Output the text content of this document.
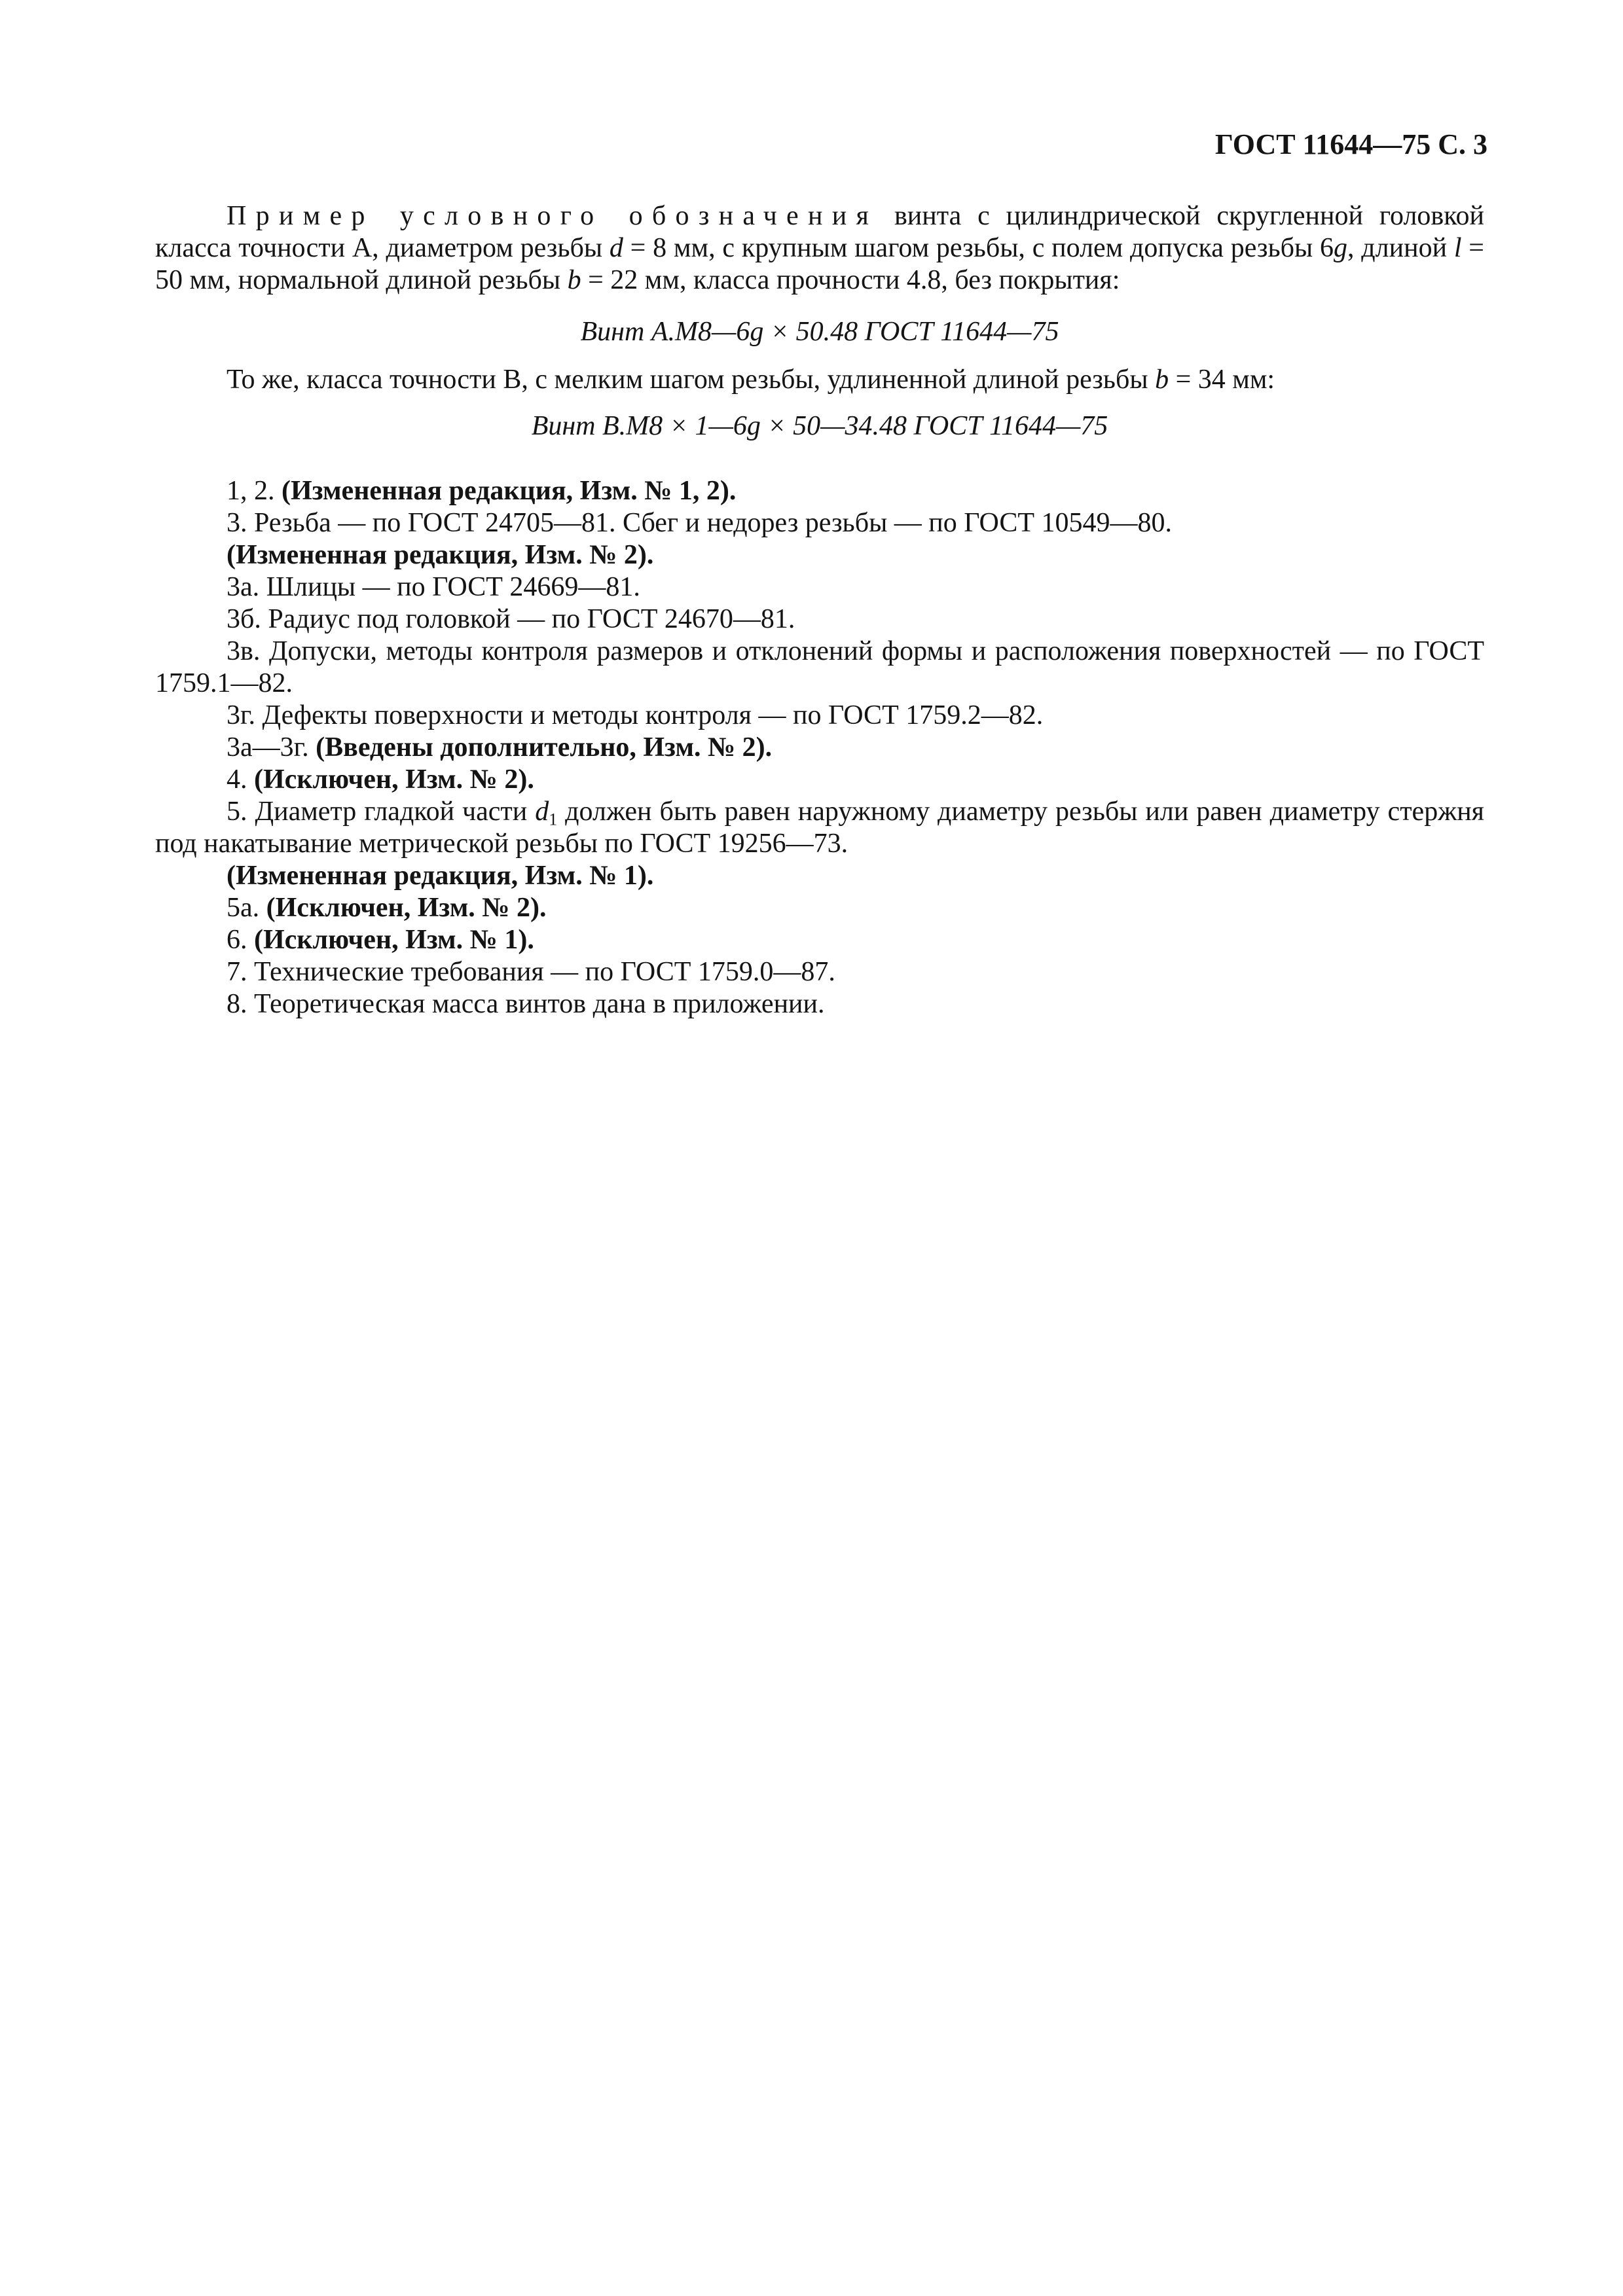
ГОСТ 11644—75 С. 3

Пример условного обозначения винта с цилиндрической скругленной головкой класса точности А, диаметром резьбы d = 8 мм, с крупным шагом резьбы, с полем допуска резьбы 6g, длиной l = 50 мм, нормальной длиной резьбы b = 22 мм, класса прочности 4.8, без покрытия:

Винт А.М8—6g × 50.48 ГОСТ 11644—75

То же, класса точности В, с мелким шагом резьбы, удлиненной длиной резьбы b = 34 мм:

Винт В.М8 × 1—6g × 50—34.48 ГОСТ 11644—75

1, 2. (Измененная редакция, Изм. № 1, 2).

3. Резьба — по ГОСТ 24705—81. Сбег и недорез резьбы — по ГОСТ 10549—80.

(Измененная редакция, Изм. № 2).

3а. Шлицы — по ГОСТ 24669—81.

3б. Радиус под головкой — по ГОСТ 24670—81.

3в. Допуски, методы контроля размеров и отклонений формы и расположения поверхностей — по ГОСТ 1759.1—82.

3г. Дефекты поверхности и методы контроля — по ГОСТ 1759.2—82.

3а—3г. (Введены дополнительно, Изм. № 2).

4. (Исключен, Изм. № 2).

5. Диаметр гладкой части $d_1$ должен быть равен наружному диаметру резьбы или равен диаметру стержня под накатывание метрической резьбы по ГОСТ 19256—73.

(Измененная редакция, Изм. № 1).

5а. (Исключен, Изм. № 2).

6. (Исключен, Изм. № 1).

7. Технические требования — по ГОСТ 1759.0—87.

8. Теоретическая масса винтов дана в приложении.
